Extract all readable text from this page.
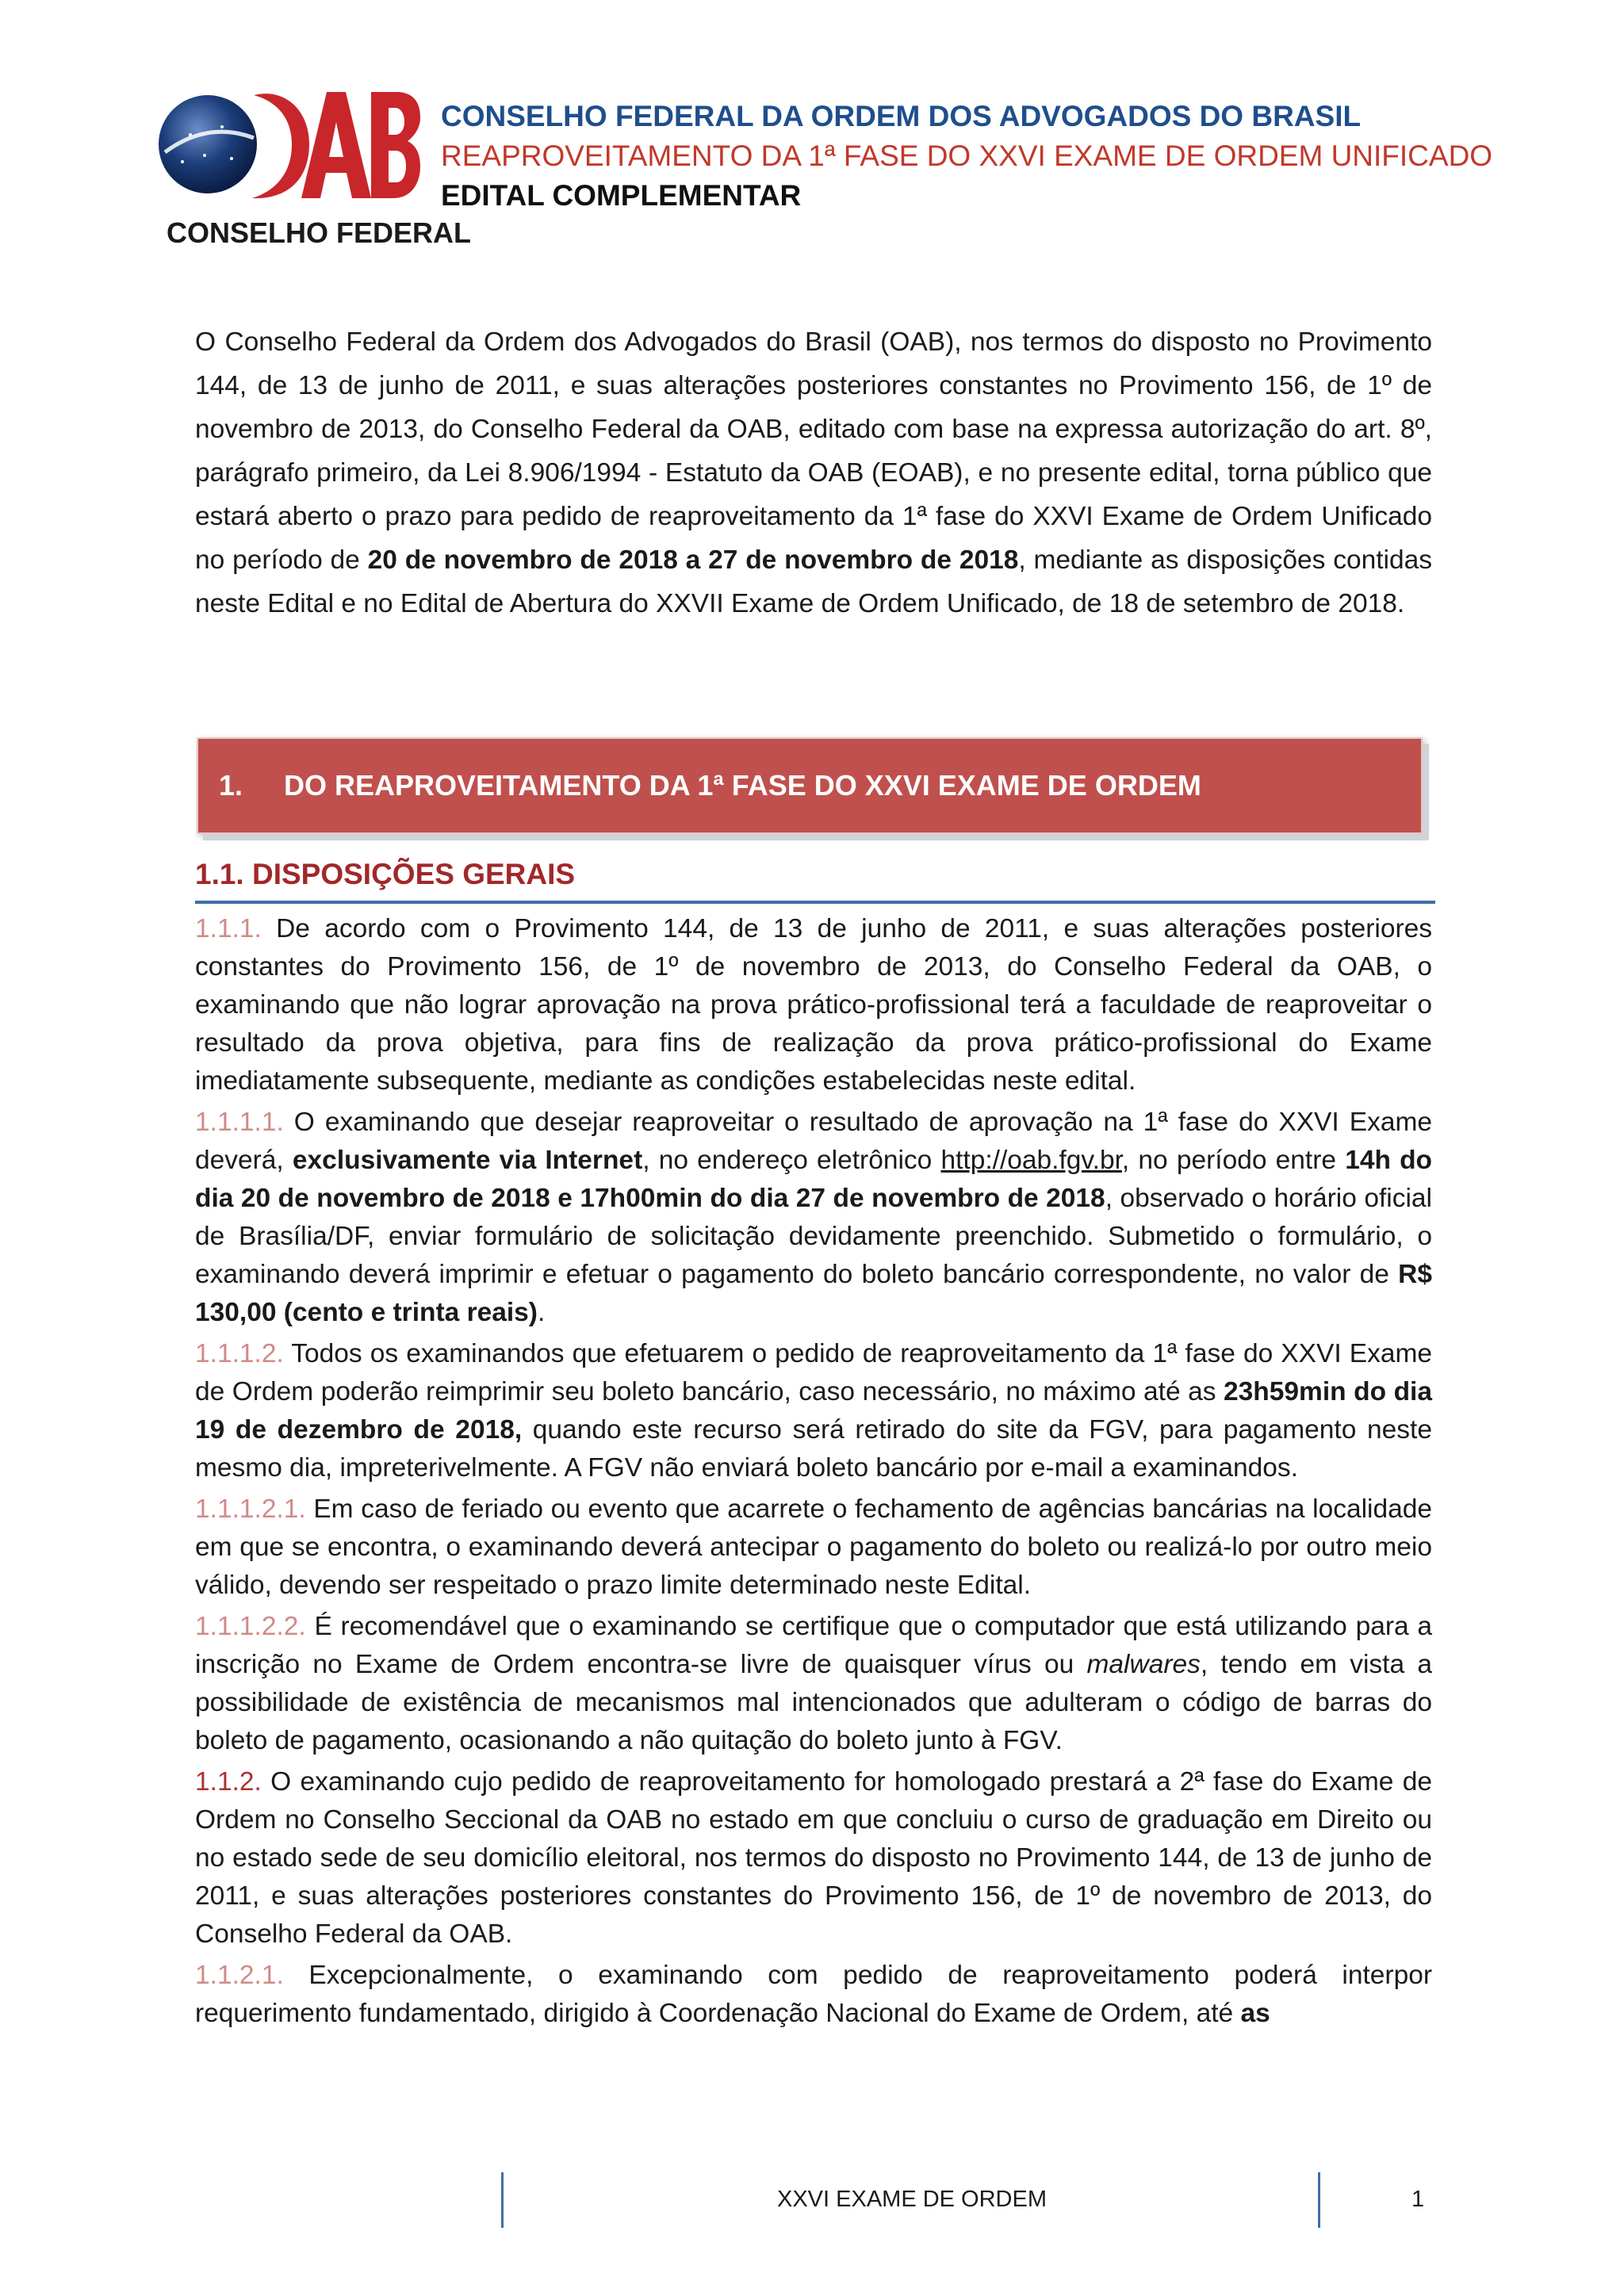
CONSELHO FEDERAL
CONSELHO FEDERAL DA ORDEM DOS ADVOGADOS DO BRASIL
REAPROVEITAMENTO DA 1ª FASE DO XXVI EXAME DE ORDEM UNIFICADO
EDITAL COMPLEMENTAR

O Conselho Federal da Ordem dos Advogados do Brasil (OAB), nos termos do disposto no Provimento 144, de 13 de junho de 2011, e suas alterações posteriores constantes no Provimento 156, de 1º de novembro de 2013, do Conselho Federal da OAB, editado com base na expressa autorização do art. 8º, parágrafo primeiro, da Lei 8.906/1994 - Estatuto da OAB (EOAB), e no presente edital, torna público que estará aberto o prazo para pedido de reaproveitamento da 1ª fase do XXVI Exame de Ordem Unificado no período de 20 de novembro de 2018 a 27 de novembro de 2018, mediante as disposições contidas neste Edital e no Edital de Abertura do XXVII Exame de Ordem Unificado, de 18 de setembro de 2018.

1.	DO REAPROVEITAMENTO DA 1ª FASE DO XXVI EXAME DE ORDEM
1.1. DISPOSIÇÕES GERAIS

1.1.1. De acordo com o Provimento 144, de 13 de junho de 2011, e suas alterações posteriores constantes do Provimento 156, de 1º de novembro de 2013, do Conselho Federal da OAB, o examinando que não lograr aprovação na prova prático-profissional terá a faculdade de reaproveitar o resultado da prova objetiva, para fins de realização da prova prático-profissional do Exame imediatamente subsequente, mediante as condições estabelecidas neste edital.

1.1.1.1. O examinando que desejar reaproveitar o resultado de aprovação na 1ª fase do XXVI Exame deverá, exclusivamente via Internet, no endereço eletrônico http://oab.fgv.br, no período entre 14h do dia 20 de novembro de 2018 e 17h00min do dia 27 de novembro de 2018, observado o horário oficial de Brasília/DF, enviar formulário de solicitação devidamente preenchido. Submetido o formulário, o examinando deverá imprimir e efetuar o pagamento do boleto bancário correspondente, no valor de R$ 130,00 (cento e trinta reais).

1.1.1.2. Todos os examinandos que efetuarem o pedido de reaproveitamento da 1ª fase do XXVI Exame de Ordem poderão reimprimir seu boleto bancário, caso necessário, no máximo até as 23h59min do dia 19 de dezembro de 2018, quando este recurso será retirado do site da FGV, para pagamento neste mesmo dia, impreterivelmente. A FGV não enviará boleto bancário por e-mail a examinandos.

1.1.1.2.1. Em caso de feriado ou evento que acarrete o fechamento de agências bancárias na localidade em que se encontra, o examinando deverá antecipar o pagamento do boleto ou realizá-lo por outro meio válido, devendo ser respeitado o prazo limite determinado neste Edital.

1.1.1.2.2. É recomendável que o examinando se certifique que o computador que está utilizando para a inscrição no Exame de Ordem encontra-se livre de quaisquer vírus ou malwares, tendo em vista a possibilidade de existência de mecanismos mal intencionados que adulteram o código de barras do boleto de pagamento, ocasionando a não quitação do boleto junto à FGV.

1.1.2. O examinando cujo pedido de reaproveitamento for homologado prestará a 2ª fase do Exame de Ordem no Conselho Seccional da OAB no estado em que concluiu o curso de graduação em Direito ou no estado sede de seu domicílio eleitoral, nos termos do disposto no Provimento 144, de 13 de junho de 2011, e suas alterações posteriores constantes do Provimento 156, de 1º de novembro de 2013, do Conselho Federal da OAB.

1.1.2.1. Excepcionalmente, o examinando com pedido de reaproveitamento poderá interpor requerimento fundamentado, dirigido à Coordenação Nacional do Exame de Ordem, até as

XXVI EXAME DE ORDEM	1
